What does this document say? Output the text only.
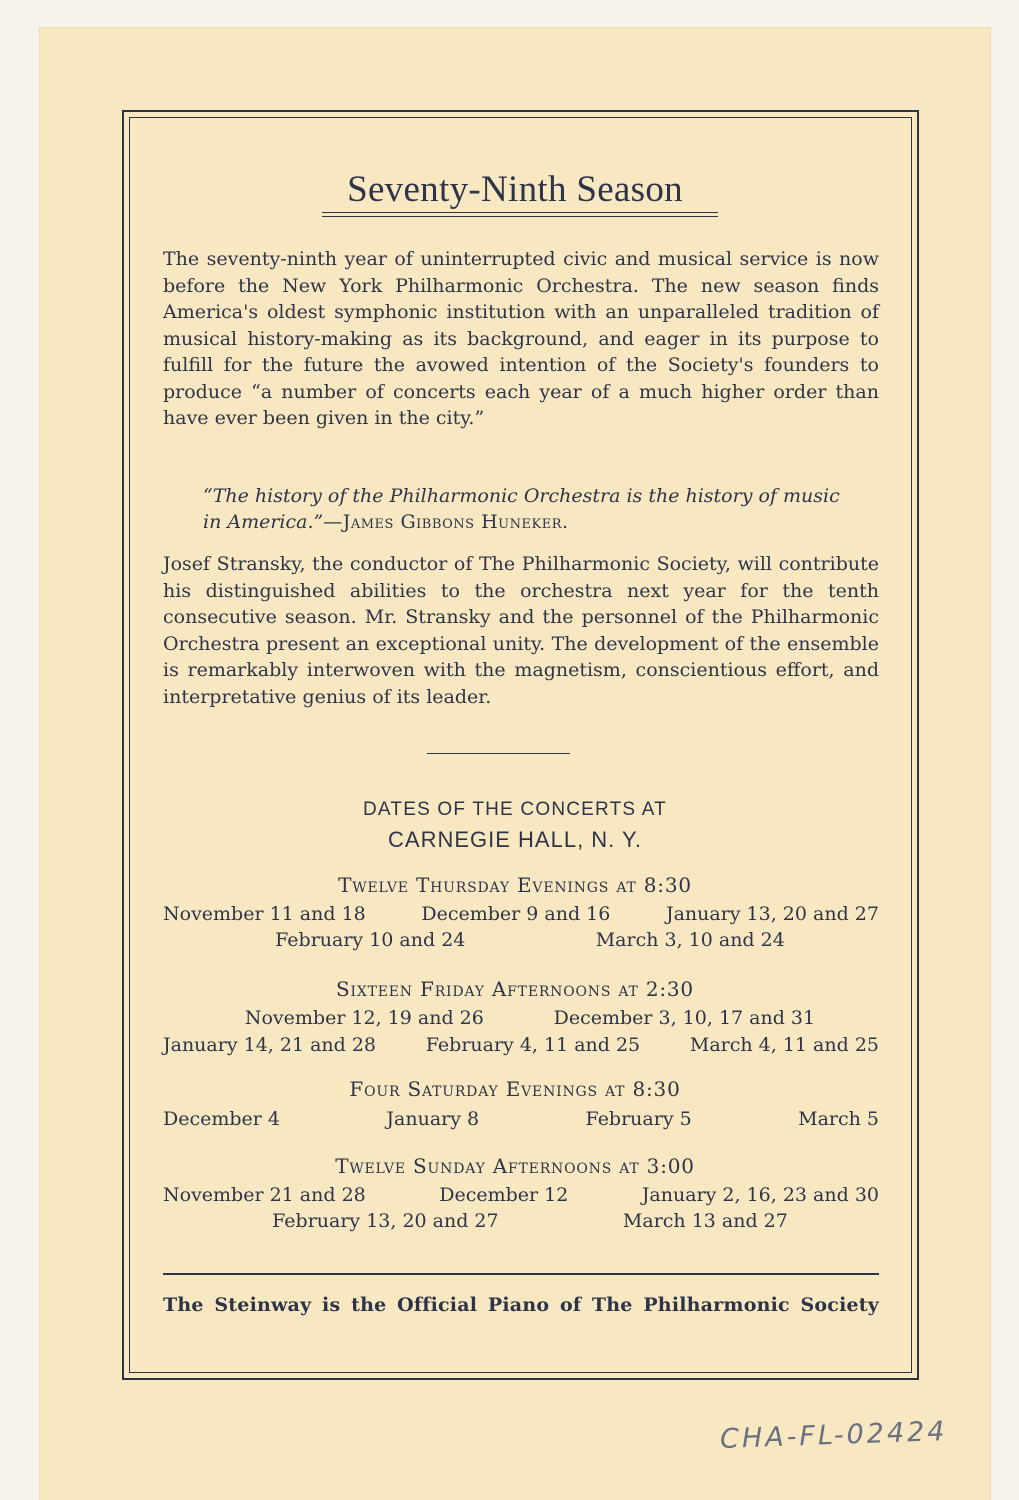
Seventy-Ninth Season
The seventy-ninth year of uninterrupted civic and musical service is now before the New York Philharmonic Orchestra. The new season finds America's oldest symphonic institution with an unparalleled tradition of musical history-making as its background, and eager in its purpose to fulfill for the future the avowed intention of the Society's founders to produce “a number of concerts each year of a much higher order than have ever been given in the city.”
“The history of the Philharmonic Orchestra is the history of music in America.”—James Gibbons Huneker.
Josef Stransky, the conductor of The Philharmonic Society, will contribute his distinguished abilities to the orchestra next year for the tenth consecutive season. Mr. Stransky and the personnel of the Philharmonic Orchestra present an exceptional unity. The development of the ensemble is remarkably interwoven with the magnetism, conscientious effort, and interpretative genius of its leader.
DATES OF THE CONCERTS AT
CARNEGIE HALL, N. Y.
Twelve Thursday Evenings at 8:30
November 11 and 18	December 9 and 16	January 13, 20 and 27
February 10 and 24	March 3, 10 and 24
Sixteen Friday Afternoons at 2:30
November 12, 19 and 26	December 3, 10, 17 and 31
January 14, 21 and 28	February 4, 11 and 25	March 4, 11 and 25
Four Saturday Evenings at 8:30
December 4	January 8	February 5	March 5
Twelve Sunday Afternoons at 3:00
November 21 and 28	December 12	January 2, 16, 23 and 30
February 13, 20 and 27	March 13 and 27
The Steinway is the Official Piano of The Philharmonic Society
CHA-FL-02424
